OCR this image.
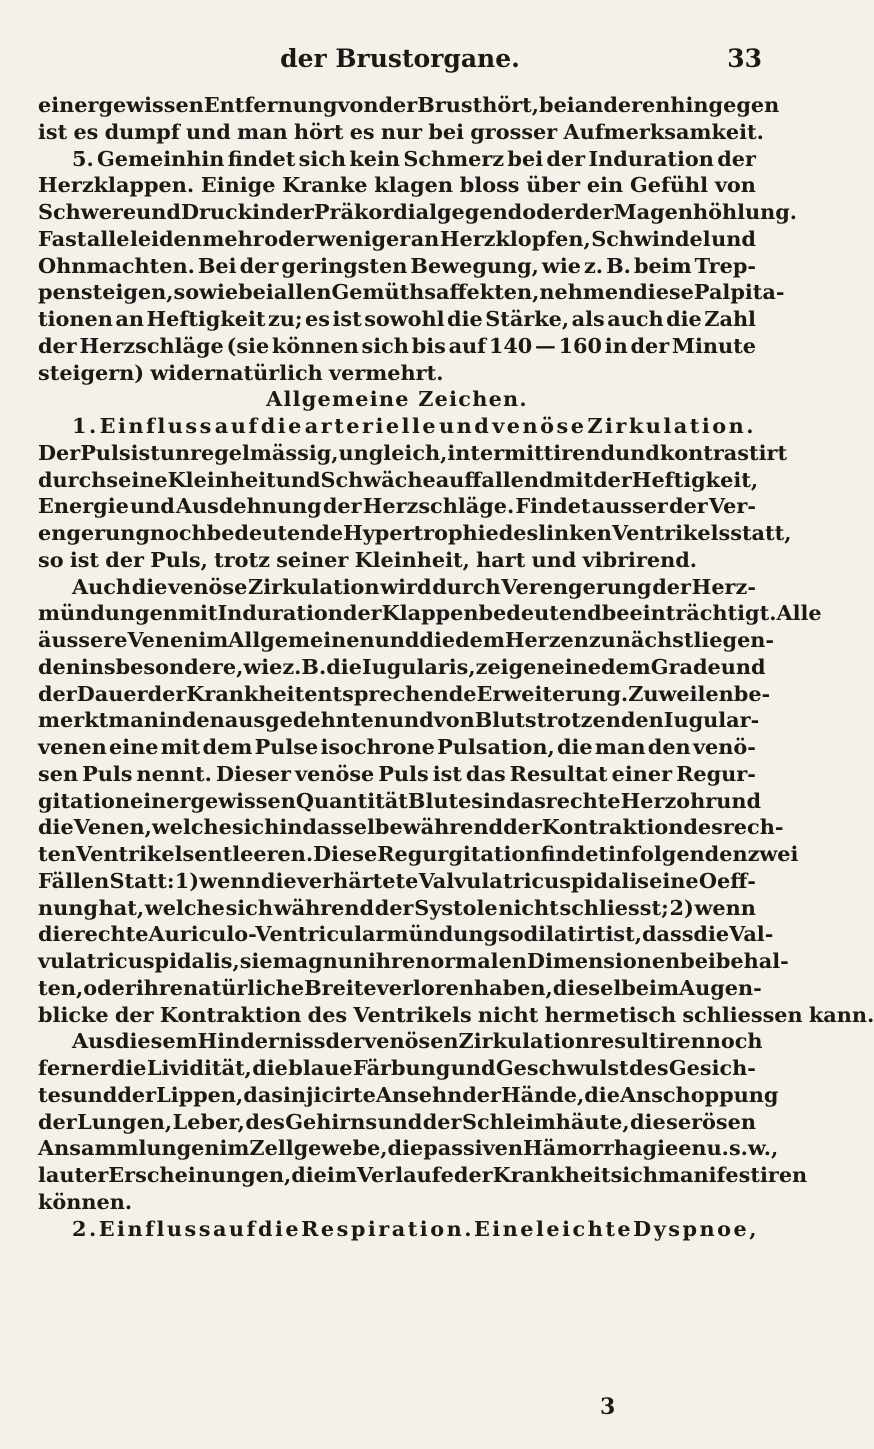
der Brustorgane.	33
einer gewissen Entfernung von der Brust hört, bei anderen hingegen
ist es dumpf und man hört es nur bei grosser Aufmerksamkeit.
5. Gemeinhin findet sich kein Schmerz bei der Induration der
Herzklappen. Einige Kranke klagen bloss über ein Gefühl von
Schwere und Druck in der Präkordialgegend oder der Magenhöhlung.
Fast alle leiden mehr oder weniger an Herzklopfen, Schwindel und
Ohnmachten. Bei der geringsten Bewegung, wie z. B. beim Trep-
pensteigen, so wie bei allen Gemüthsaffekten, nehmen diese Palpita-
tionen an Heftigkeit zu; es ist sowohl die Stärke, als auch die Zahl
der Herzschläge (sie können sich bis auf 140 — 160 in der Minute
steigern) widernatürlich vermehrt.
Allgemeine Zeichen.
1. Einfluss auf die arterielle und venöse Zirkulation.
Der Puls ist unregelmässig, ungleich, intermittirend und kontrastirt
durch seine Kleinheit und Schwäche auffallend mit der Heftigkeit,
Energie und Ausdehnung der Herzschläge. Findet ausser der Ver-
engerung noch bedeutende Hypertrophie des linken Ventrikels statt,
so ist der Puls, trotz seiner Kleinheit, hart und vibrirend.
Auch die venöse Zirkulation wird durch Verengerung der Herz-
mündungen mit Induration der Klappen bedeutend beeinträchtigt. Alle
äussere Venen im Allgemeinen und die dem Herzen zunächst liegen-
den insbesondere, wie z. B. die Iugularis, zeigen eine dem Grade und
der Dauer der Krankheit entsprechende Erweiterung. Zuweilen be-
merkt man in den ausgedehnten und von Blut strotzenden Iugular-
venen eine mit dem Pulse isochrone Pulsation, die man den venö-
sen Puls nennt. Dieser venöse Puls ist das Resultat einer Regur-
gitation einer gewissen Quantität Blutes in das rechte Herzohr und
die Venen, welche sich in dasselbe während der Kontraktion des rech-
ten Ventrikels entleeren. Diese Regurgitation findet in folgenden zwei
Fällen Statt: 1) wenn die verhärtete Valvula tricuspidalis eine Oeff-
nung hat, welche sich während der Systole nicht schliesst; 2) wenn
die rechte Auriculo-Ventricularmündung so dilatirt ist, dass die Val-
vula tricuspidalis, sie mag nun ihre normalen Dimensionen beibehal-
ten, oder ihre natürliche Breite verloren haben, dieselbe im Augen-
blicke der Kontraktion des Ventrikels nicht hermetisch schliessen kann.
Aus diesem Hinderniss der venösen Zirkulation resultiren noch
ferner die Lividität, die blaue Färbung und Geschwulst des Gesich-
tes und der Lippen, das injicirte Ansehn der Hände, die Anschoppung
der Lungen, Leber, des Gehirns und der Schleimhäute, die serösen
Ansammlungen im Zellgewebe, die passiven Hämorrhagieen u. s. w.,
lauter Erscheinungen, die im Verlaufe der Krankheit sich manifestiren
können.
2. Einfluss auf die Respiration. Eine leichte Dyspnoe,
3
